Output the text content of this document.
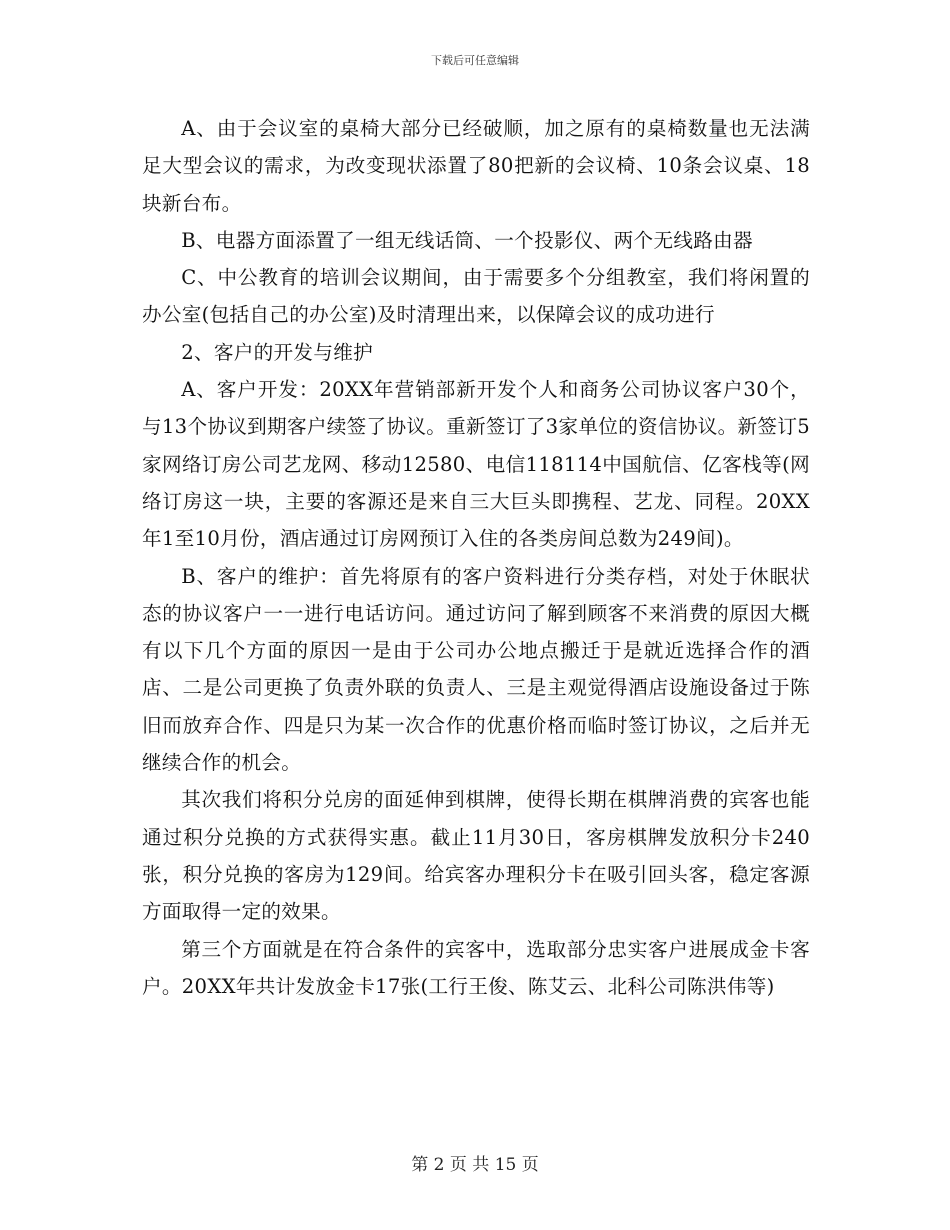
下载后可任意编辑

A、由于会议室的桌椅大部分已经破顺，加之原有的桌椅数量也无法满足大型会议的需求，为改变现状添置了80把新的会议椅、10条会议桌、18块新台布。

B、电器方面添置了一组无线话筒、一个投影仪、两个无线路由器

C、中公教育的培训会议期间，由于需要多个分组教室，我们将闲置的办公室(包括自己的办公室)及时清理出来，以保障会议的成功进行

2、客户的开发与维护

A、客户开发：20XX年营销部新开发个人和商务公司协议客户30个，与13个协议到期客户续签了协议。重新签订了3家单位的资信协议。新签订5家网络订房公司艺龙网、移动12580、电信118114中国航信、亿客栈等(网络订房这一块，主要的客源还是来自三大巨头即携程、艺龙、同程。20XX年1至10月份，酒店通过订房网预订入住的各类房间总数为249间)。

B、客户的维护：首先将原有的客户资料进行分类存档，对处于休眠状态的协议客户一一进行电话访问。通过访问了解到顾客不来消费的原因大概有以下几个方面的原因一是由于公司办公地点搬迁于是就近选择合作的酒店、二是公司更换了负责外联的负责人、三是主观觉得酒店设施设备过于陈旧而放弃合作、四是只为某一次合作的优惠价格而临时签订协议，之后并无继续合作的机会。

其次我们将积分兑房的面延伸到棋牌，使得长期在棋牌消费的宾客也能通过积分兑换的方式获得实惠。截止11月30日，客房棋牌发放积分卡240张，积分兑换的客房为129间。给宾客办理积分卡在吸引回头客，稳定客源方面取得一定的效果。

第三个方面就是在符合条件的宾客中，选取部分忠实客户进展成金卡客户。20XX年共计发放金卡17张(工行王俊、陈艾云、北科公司陈洪伟等)

第 2 页 共 15 页
